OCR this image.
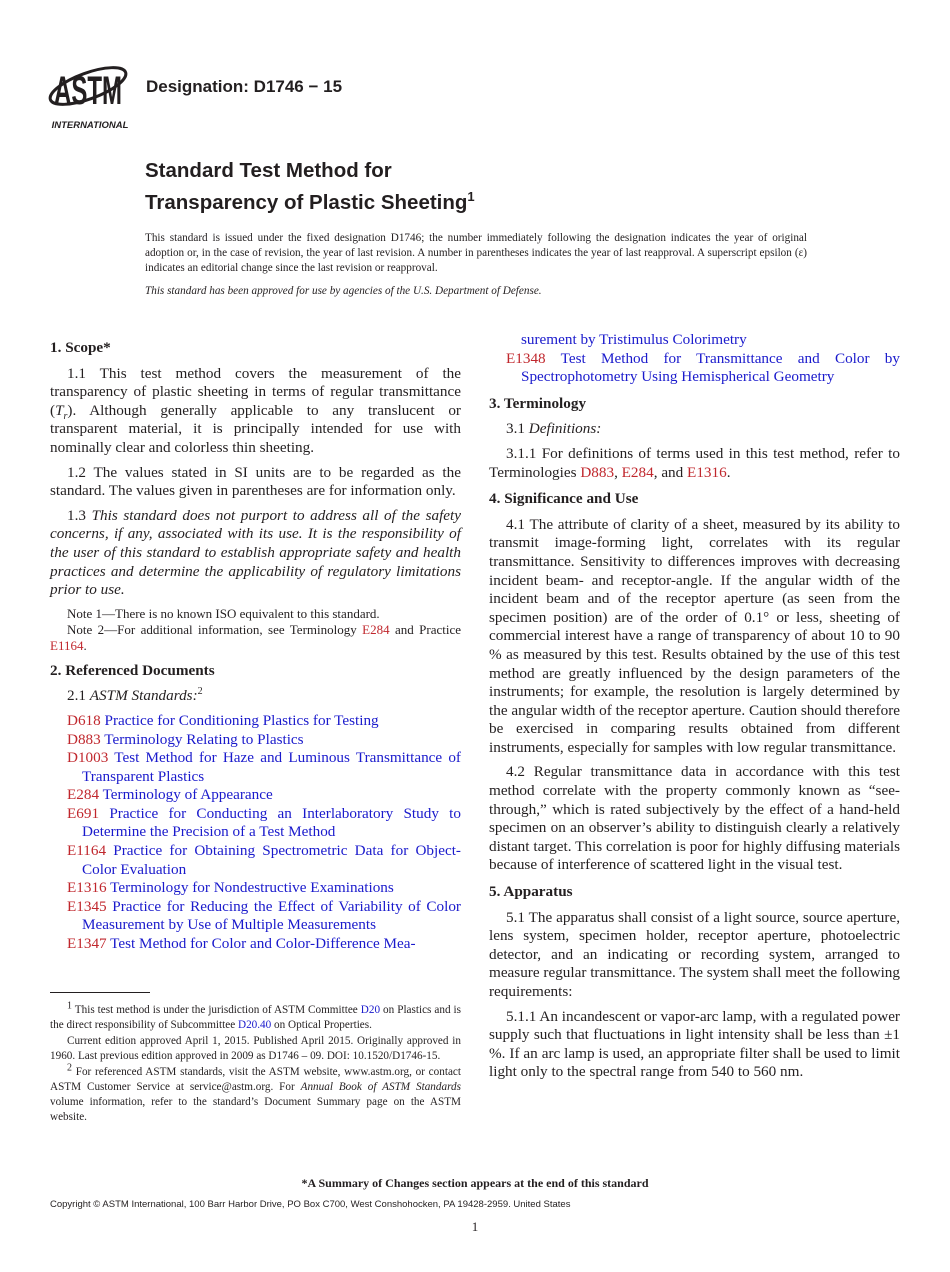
ASTM
INTERNATIONAL
Designation: D1746 − 15
Standard Test Method for
Transparency of Plastic Sheeting$^1$
This standard is issued under the fixed designation D1746; the number immediately following the designation indicates the year of original adoption or, in the case of revision, the year of last revision. A number in parentheses indicates the year of last reapproval. A superscript epsilon (ε) indicates an editorial change since the last revision or reapproval.
This standard has been approved for use by agencies of the U.S. Department of Defense.
1. Scope*
1.1 This test method covers the measurement of the transparency of plastic sheeting in terms of regular transmittance $(T_r)$. Although generally applicable to any translucent or transparent material, it is principally intended for use with nominally clear and colorless thin sheeting.
1.2 The values stated in SI units are to be regarded as the standard. The values given in parentheses are for information only.
1.3 This standard does not purport to address all of the safety concerns, if any, associated with its use. It is the responsibility of the user of this standard to establish appropriate safety and health practices and determine the applicability of regulatory limitations prior to use.
Note 1—There is no known ISO equivalent to this standard.
Note 2—For additional information, see Terminology E284 and Practice E1164.
2. Referenced Documents
2.1 ASTM Standards:$^2$
D618 Practice for Conditioning Plastics for Testing
D883 Terminology Relating to Plastics
D1003 Test Method for Haze and Luminous Transmittance of Transparent Plastics
E284 Terminology of Appearance
E691 Practice for Conducting an Interlaboratory Study to Determine the Precision of a Test Method
E1164 Practice for Obtaining Spectrometric Data for Object-Color Evaluation
E1316 Terminology for Nondestructive Examinations
E1345 Practice for Reducing the Effect of Variability of Color Measurement by Use of Multiple Measurements
E1347 Test Method for Color and Color-Difference Mea-
surement by Tristimulus Colorimetry
E1348 Test Method for Transmittance and Color by Spectrophotometry Using Hemispherical Geometry
3. Terminology
3.1 Definitions:
3.1.1 For definitions of terms used in this test method, refer to Terminologies D883, E284, and E1316.
4. Significance and Use
4.1 The attribute of clarity of a sheet, measured by its ability to transmit image-forming light, correlates with its regular transmittance. Sensitivity to differences improves with decreasing incident beam- and receptor-angle. If the angular width of the incident beam and of the receptor aperture (as seen from the specimen position) are of the order of 0.1° or less, sheeting of commercial interest have a range of transparency of about 10 to 90 % as measured by this test. Results obtained by the use of this test method are greatly influenced by the design parameters of the instruments; for example, the resolution is largely determined by the angular width of the receptor aperture. Caution should therefore be exercised in comparing results obtained from different instruments, especially for samples with low regular transmittance.
4.2 Regular transmittance data in accordance with this test method correlate with the property commonly known as “see-through,” which is rated subjectively by the effect of a hand-held specimen on an observer’s ability to distinguish clearly a relatively distant target. This correlation is poor for highly diffusing materials because of interference of scattered light in the visual test.
5. Apparatus
5.1 The apparatus shall consist of a light source, source aperture, lens system, specimen holder, receptor aperture, photoelectric detector, and an indicating or recording system, arranged to measure regular transmittance. The system shall meet the following requirements:
5.1.1 An incandescent or vapor-arc lamp, with a regulated power supply such that fluctuations in light intensity shall be less than ±1 %. If an arc lamp is used, an appropriate filter shall be used to limit light only to the spectral range from 540 to 560 nm.
1 This test method is under the jurisdiction of ASTM Committee D20 on Plastics and is the direct responsibility of Subcommittee D20.40 on Optical Properties.
Current edition approved April 1, 2015. Published April 2015. Originally approved in 1960. Last previous edition approved in 2009 as D1746 – 09. DOI: 10.1520/D1746-15.
2 For referenced ASTM standards, visit the ASTM website, www.astm.org, or contact ASTM Customer Service at service@astm.org. For Annual Book of ASTM Standards volume information, refer to the standard’s Document Summary page on the ASTM website.
*A Summary of Changes section appears at the end of this standard
Copyright © ASTM International, 100 Barr Harbor Drive, PO Box C700, West Conshohocken, PA 19428-2959. United States
1
